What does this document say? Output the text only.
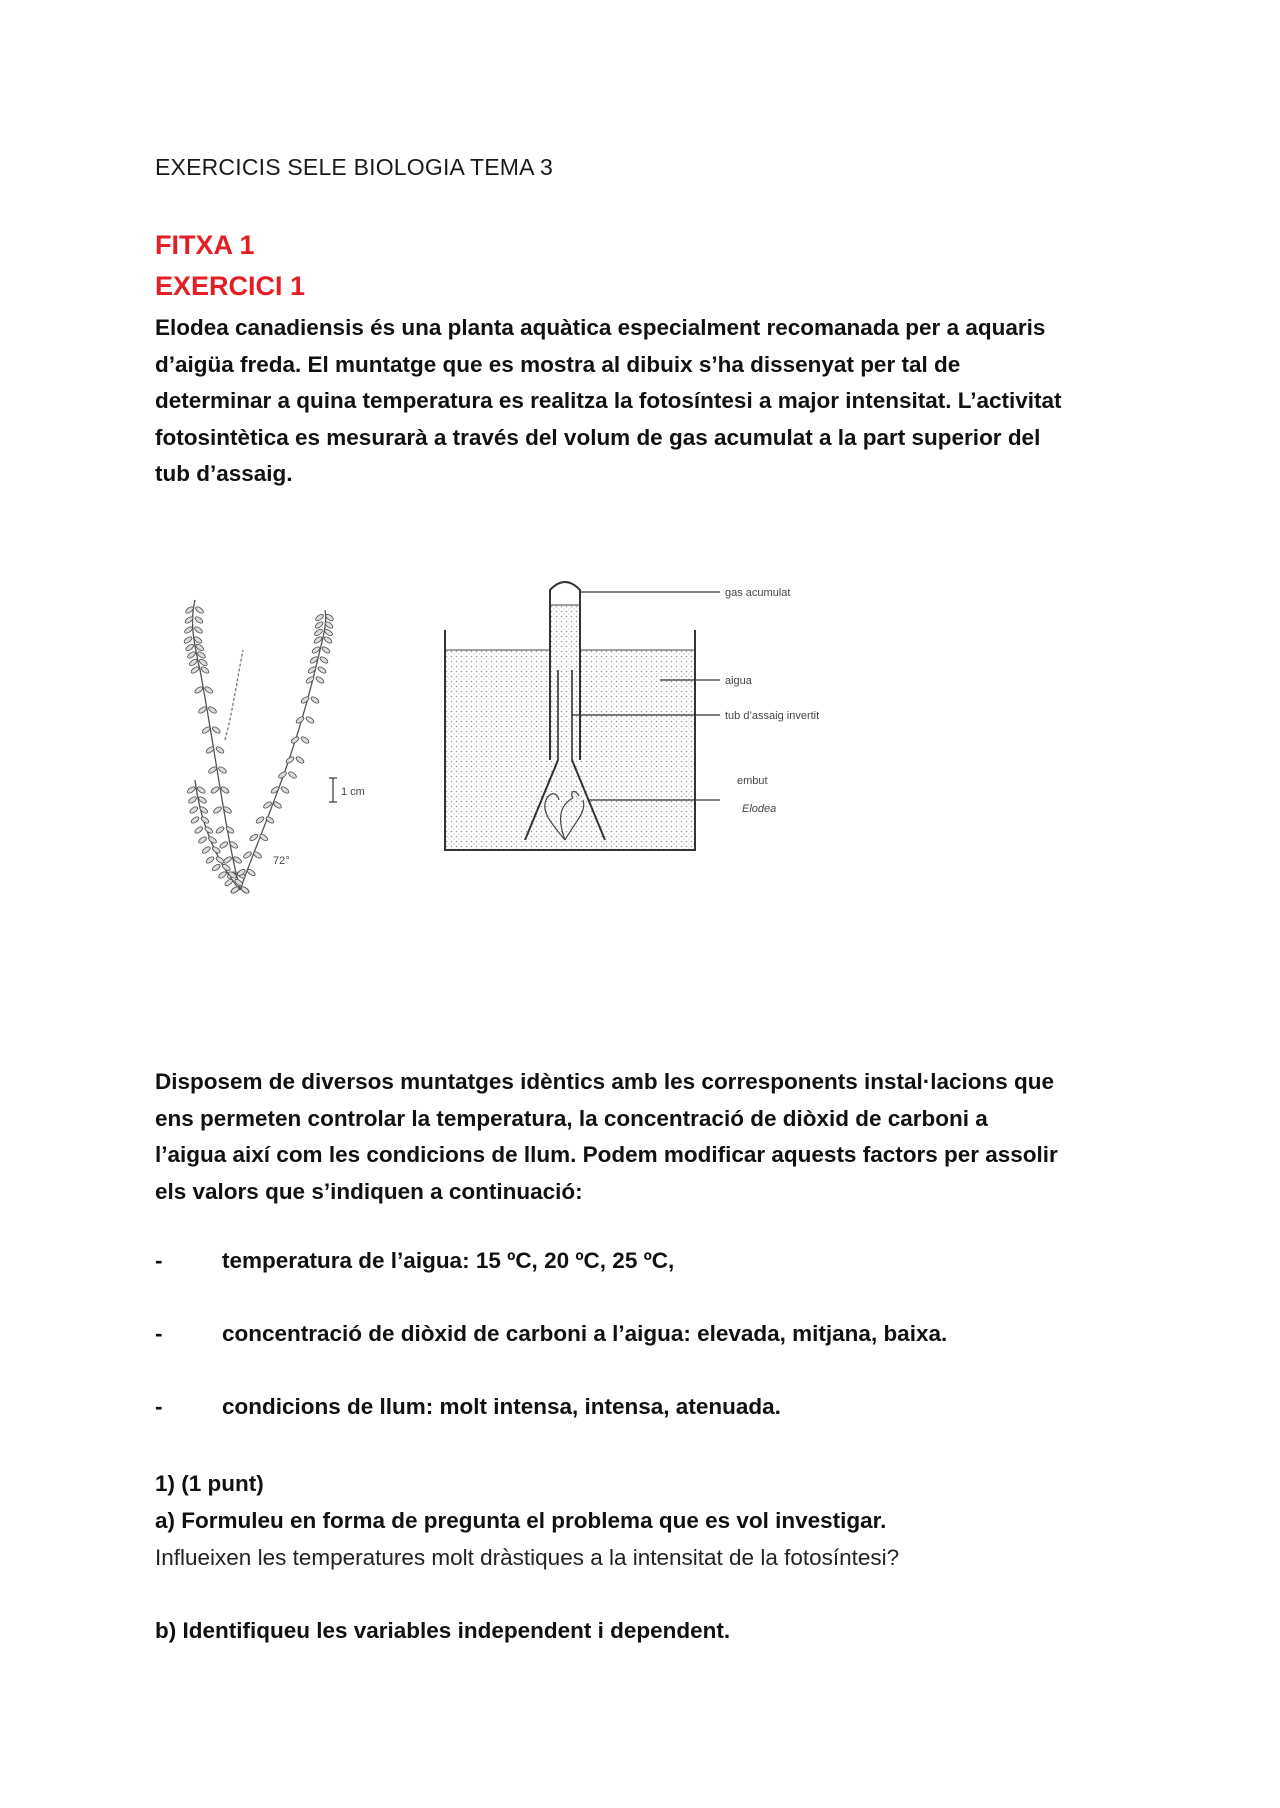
EXERCICIS SELE BIOLOGIA TEMA 3
FITXA 1
EXERCICI 1

Elodea canadiensis és una planta aquàtica especialment recomanada per a aquaris
d’aigüa freda. El muntatge que es mostra al dibuix s’ha dissenyat per tal de
determinar a quina temperatura es realitza la fotosíntesi a major intensitat. L’activitat
fotosintètica es mesurarà a través del volum de gas acumulat a la part superior del
tub d’assaig.

1 cm
72°
gas acumulat
aigua
tub d’assaig invertit
embut
Elodea

Disposem de diversos muntatges idèntics amb les corresponents instal·lacions que
ens permeten controlar la temperatura, la concentració de diòxid de carboni a
l’aigua així com les condicions de llum. Podem modificar aquests factors per assolir
els valors que s’indiquen a continuació:

-	temperatura de l’aigua: 15 ºC, 20 ºC, 25 ºC,
-	concentració de diòxid de carboni a l’aigua: elevada, mitjana, baixa.
-	condicions de llum: molt intensa, intensa, atenuada.
1) (1 punt)
a) Formuleu en forma de pregunta el problema que es vol investigar.
Influeixen les temperatures molt dràstiques a la intensitat de la fotosíntesi?
b) Identifiqueu les variables independent i dependent.
